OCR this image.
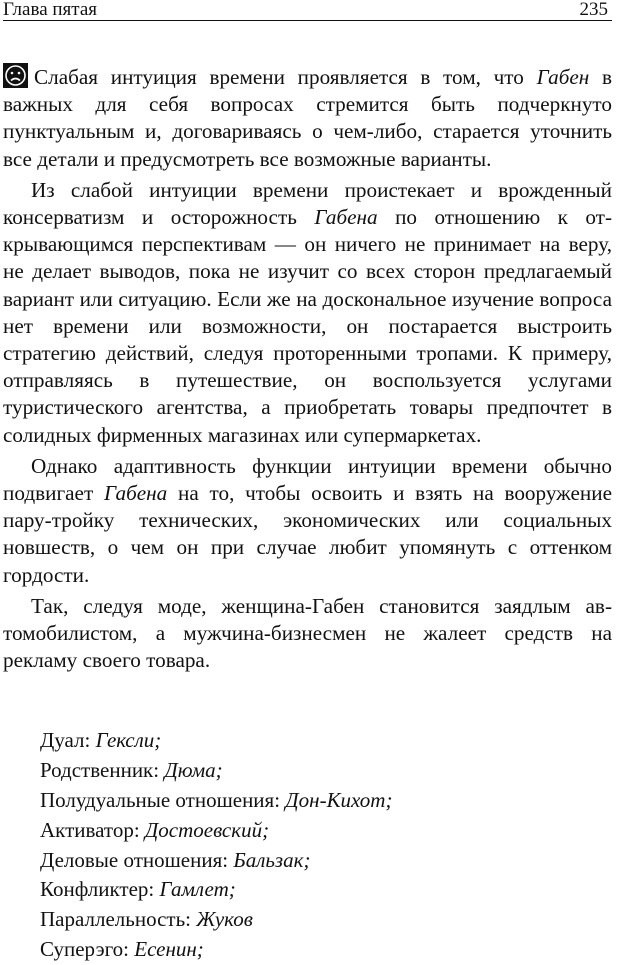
Глава пятая	235

Слабая интуиция времени проявляется в том, что Габен в важных для себя вопросах стремится быть подчеркнуто пунктуальным и, договариваясь о чем-либо, старается уточнить все детали и предусмотреть все возможные варианты.

Из слабой интуиции времени проистекает и врожденный консерватизм и осторожность Габена по отношению к открывающимся перспективам — он ничего не принимает на веру, не делает выводов, пока не изучит со всех сторон предлагаемый вариант или ситуацию. Если же на доскональное изучение вопроса нет времени или возможности, он постарается выстроить стратегию действий, следуя проторенными тропами. К примеру, отправляясь в путешествие, он воспользуется услугами туристического агентства, а приобретать товары предпочтет в солидных фирменных магазинах или супермаркетах.

Однако адаптивность функции интуиции времени обычно подвигает Габена на то, чтобы освоить и взять на вооружение пару-тройку технических, экономических или социальных новшеств, о чем он при случае любит упомянуть с оттенком гордости.

Так, следуя моде, женщина-Габен становится заядлым автомобилистом, а мужчина-бизнесмен не жалеет средств на рекламу своего товара.

Дуал: Гексли;
Родственник: Дюма;
Полудуальные отношения: Дон-Кихот;
Активатор: Достоевский;
Деловые отношения: Бальзак;
Конфликтер: Гамлет;
Параллельность: Жуков
Суперэго: Есенин;
